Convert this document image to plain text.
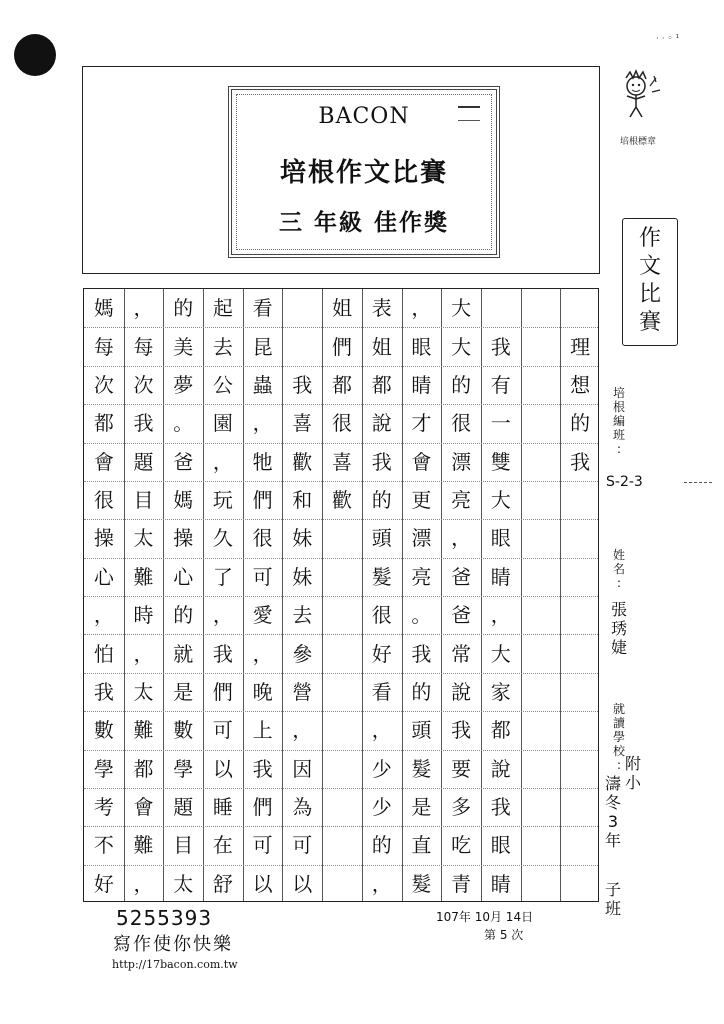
· · ◦ ¹
BACON
培根作文比賽
三 年級 佳作獎
培根標章
作
文
比
賽
理
想
的
我
我
有
一
雙
大
眼
睛
，
大
家
都
說
我
眼
睛
大
大
的
很
漂
亮
，
爸
爸
常
說
我
要
多
吃
青
，
眼
睛
才
會
更
漂
亮
。
我
的
頭
髮
是
直
髮
表
姐
都
說
我
的
頭
髮
很
好
看
，
少
少
的
，
姐
們
都
很
喜
歡
我
喜
歡
和
妹
妹
去
參
營
，
因
為
可
以
看
昆
蟲
，
牠
們
很
可
愛
，
晚
上
我
們
可
以
起
去
公
園
，
玩
久
了
，
我
們
可
以
睡
在
舒
的
美
夢
。
爸
媽
操
心
的
就
是
數
學
題
目
太
，
每
次
我
題
目
太
難
時
，
太
難
都
會
難
，
媽
每
次
都
會
很
操
心
，
怕
我
數
學
考
不
好
培
根
編
班
:
S-2-3
姓
名
:
張
琇
婕
就
讀
學
校
: 附
小
濤
冬
3
年
子
班
5255393
寫作使你快樂
http://17bacon.com.tw
107年 10月 14日
第 5 次
